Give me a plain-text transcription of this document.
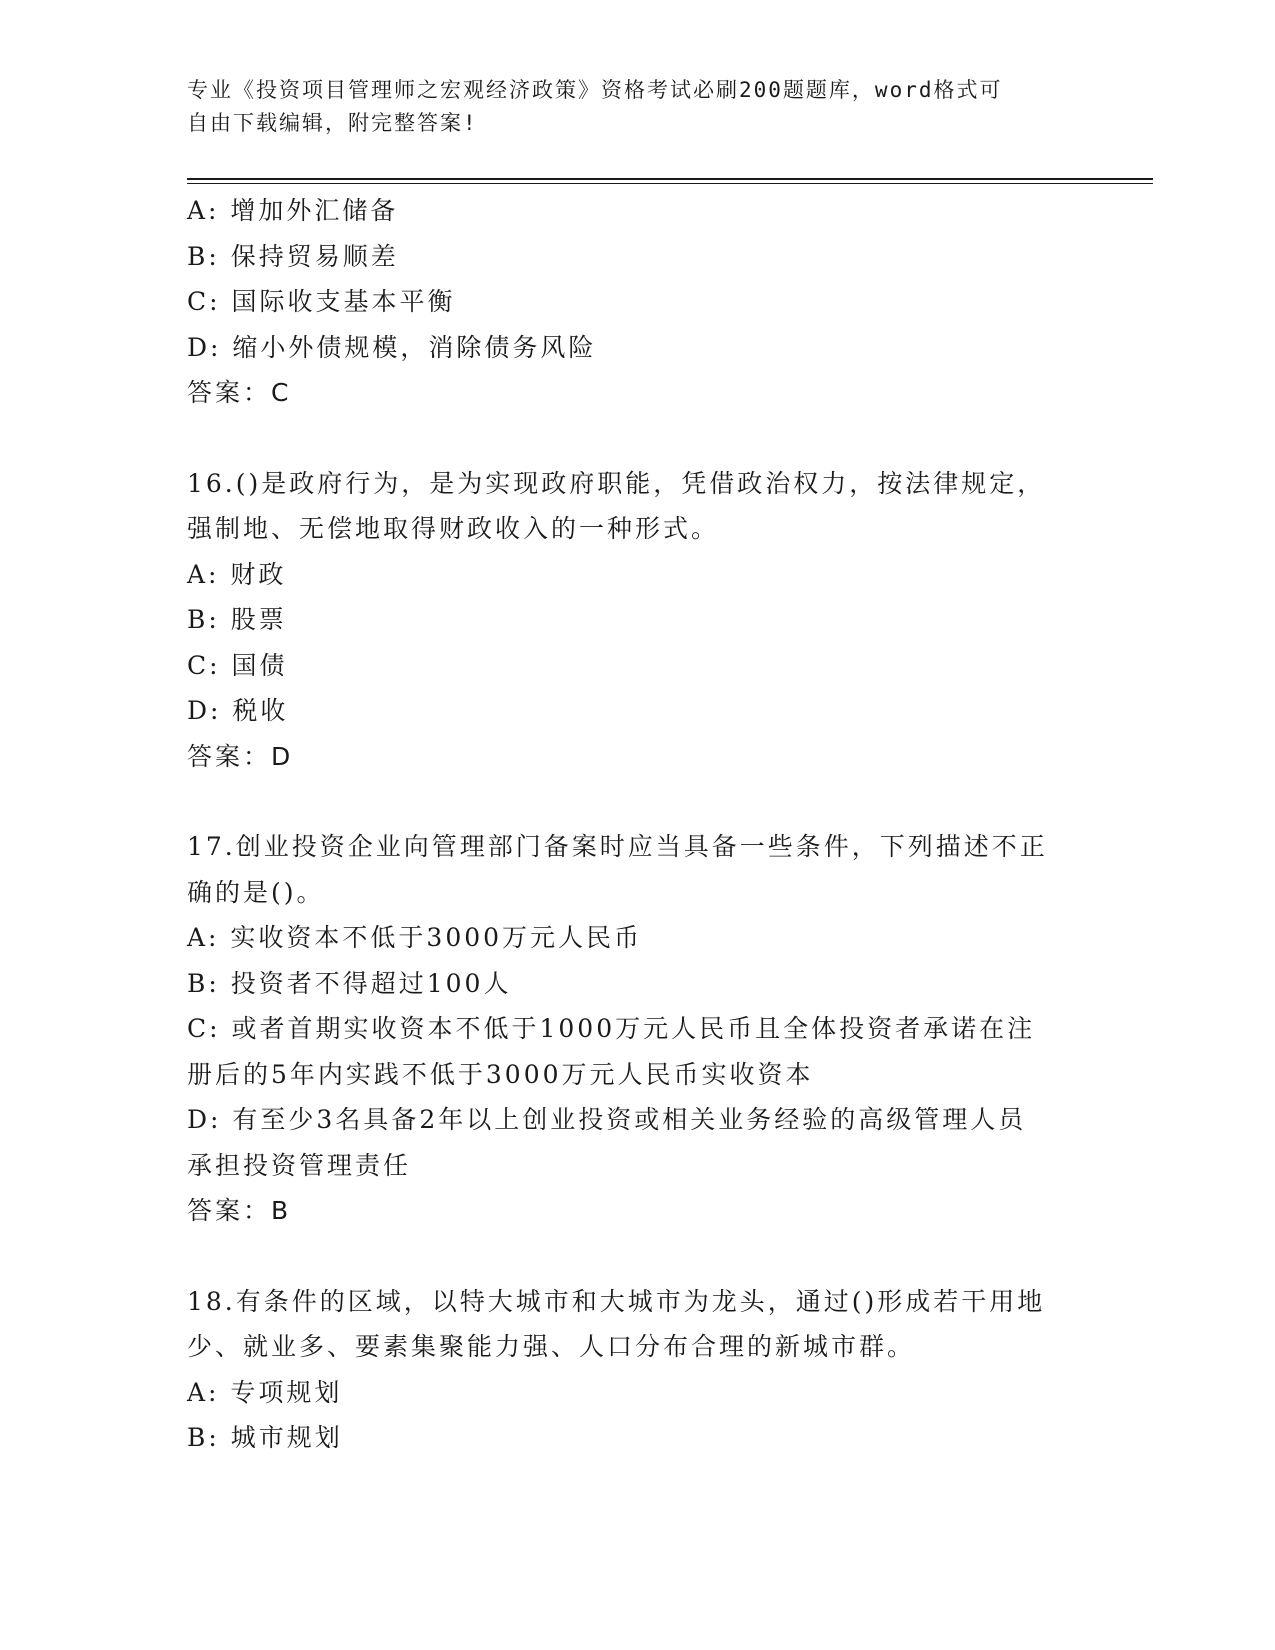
专业《投资项目管理师之宏观经济政策》资格考试必刷200题题库，word格式可
自由下载编辑，附完整答案!
A: 增加外汇储备
B: 保持贸易顺差
C: 国际收支基本平衡
D: 缩小外债规模，消除债务风险
答案：C
16.()是政府行为，是为实现政府职能，凭借政治权力，按法律规定，
强制地、无偿地取得财政收入的一种形式。
A: 财政
B: 股票
C: 国债
D: 税收
答案：D
17.创业投资企业向管理部门备案时应当具备一些条件，下列描述不正
确的是()。
A: 实收资本不低于3000万元人民币
B: 投资者不得超过100人
C: 或者首期实收资本不低于1000万元人民币且全体投资者承诺在注
册后的5年内实践不低于3000万元人民币实收资本
D: 有至少3名具备2年以上创业投资或相关业务经验的高级管理人员
承担投资管理责任
答案：B
18.有条件的区域，以特大城市和大城市为龙头，通过()形成若干用地
少、就业多、要素集聚能力强、人口分布合理的新城市群。
A: 专项规划
B: 城市规划
